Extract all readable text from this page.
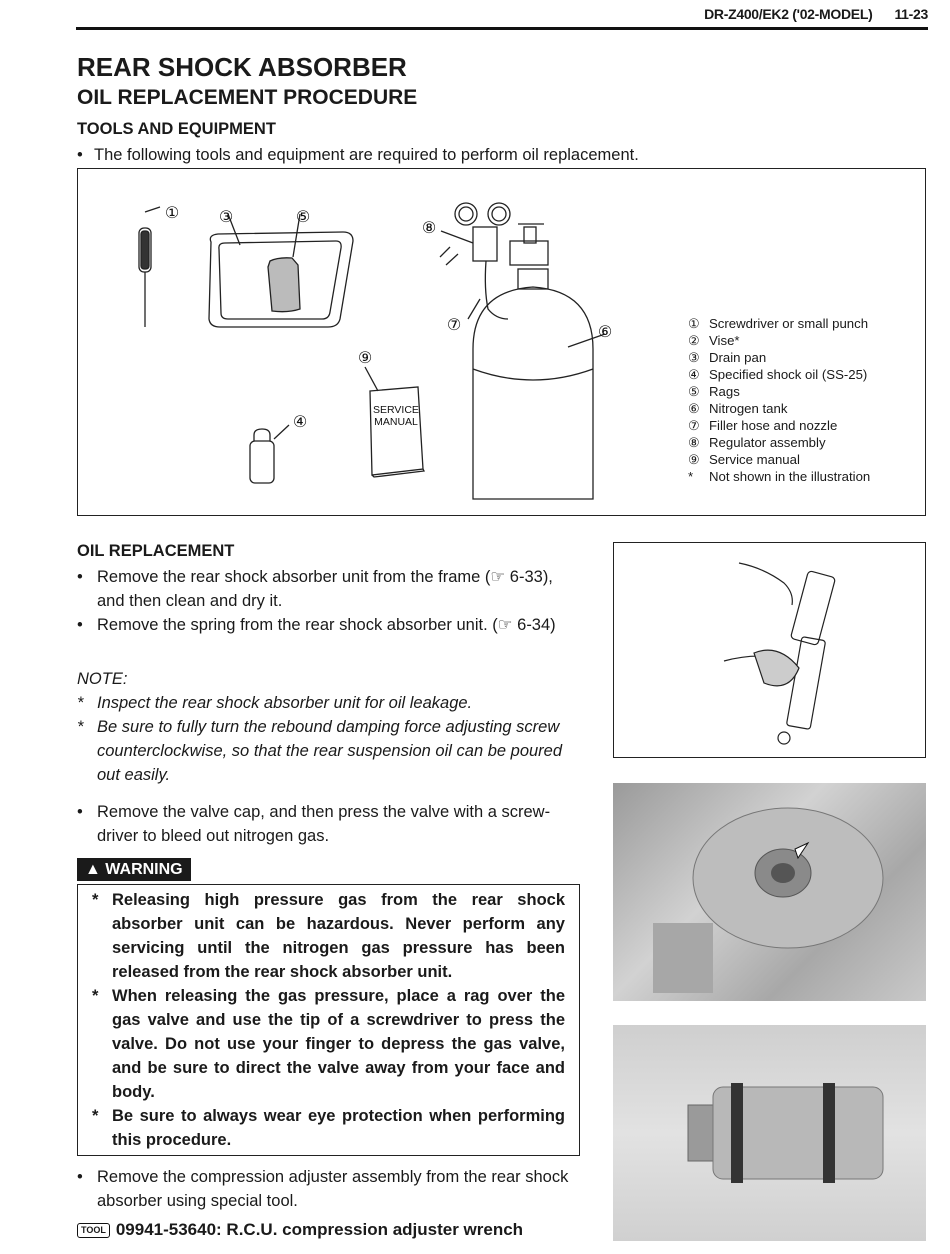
DR-Z400/EK2 ('02-MODEL) 11-23
REAR SHOCK ABSORBER
OIL REPLACEMENT PROCEDURE
TOOLS AND EQUIPMENT
• The following tools and equipment are required to perform oil replacement.
① ③	⑤
⑧
⑦	⑥
⑨
④
SERVICE
MANUAL
① Screwdriver or small punch
② Vise*
③ Drain pan
④ Specified shock oil (SS-25)
⑤ Rags
⑥ Nitrogen tank
⑦ Filler hose and nozzle
⑧ Regulator assembly
⑨ Service manual
*	Not shown in the illustration
OIL REPLACEMENT
• Remove the rear shock absorber unit from the frame (☞ 6-33), and then clean and dry it.
• Remove the spring from the rear shock absorber unit. (☞ 6-34)
NOTE:
* Inspect the rear shock absorber unit for oil leakage.
* Be sure to fully turn the rebound damping force adjusting screw counterclockwise, so that the rear suspension oil can be poured out easily.
• Remove the valve cap, and then press the valve with a screw-driver to bleed out nitrogen gas.
▲ WARNING
* Releasing high pressure gas from the rear shock absorber unit can be hazardous. Never perform any servicing until the nitrogen gas pressure has been released from the rear shock absorber unit.
* When releasing the gas pressure, place a rag over the gas valve and use the tip of a screwdriver to press the valve. Do not use your finger to depress the gas valve, and be sure to direct the valve away from your face and body.
* Be sure to always wear eye protection when performing this procedure.
• Remove the compression adjuster assembly from the rear shock absorber using special tool.
TOOL 09941-53640: R.C.U. compression adjuster wrench
